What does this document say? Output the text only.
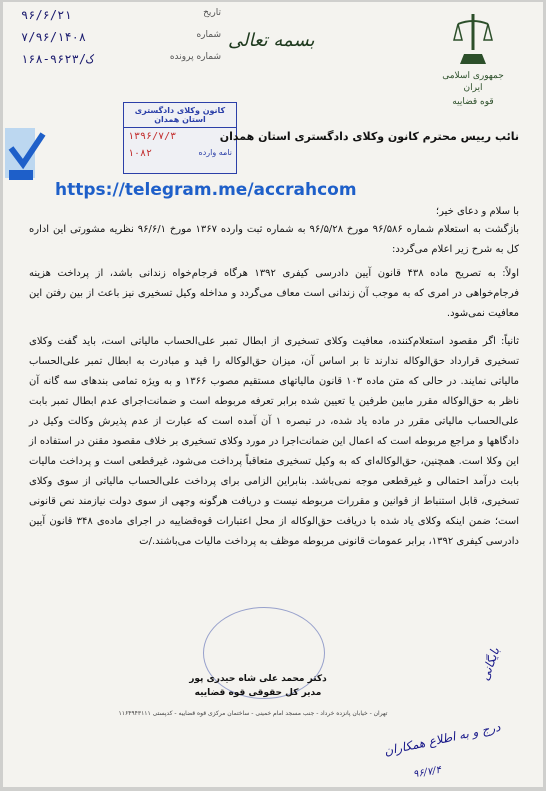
جمهوری اسلامی ایران
قوه قضاییه
بسمه تعالی
۹۶/۶/۲۱	تاریخ
۷/۹۶/۱۴۰۸	شماره
۱۶۸-۹۶ک/۲۳	شماره پرونده
کانون وکلای دادگستری استان همدان
۱۳۹۶/۷/۳
۱۰۸۲	نامه وارده
نائب رییس محترم کانون وکلای دادگستری استان همدان
https://telegram.me/accrahcom
با سلام و دعای خیر؛
بازگشت به استعلام شماره ۹۶/۵۸۶ مورخ ۹۶/۵/۲۸ به شماره ثبت وارده ۱۳۶۷ مورخ ۹۶/۶/۱ نظریه مشورتی این اداره کل به شرح زیر اعلام می‌گردد:
اولاً: به تصریح ماده ۴۳۸ قانون آیین دادرسی کیفری ۱۳۹۲ هرگاه فرجام‌خواه زندانی باشد، از پرداخت هزینه فرجام‌خواهی در امری که به موجب آن زندانی است معاف می‌گردد و مداخله وکیل تسخیری نیز باعث از بین رفتن این معافیت نمی‌شود.
ثانیاً: اگر مقصود استعلام‌کننده، معافیت وکلای تسخیری از ابطال تمبر علی‌الحساب مالیاتی است، باید گفت وکلای تسخیری قرارداد حق‌الوکاله ندارند تا بر اساس آن، میزان حق‌الوکاله را قید و مبادرت به ابطال تمبر علی‌الحساب مالیاتی نمایند. در حالی که متن ماده ۱۰۳ قانون مالیاتهای مستقیم مصوب ۱۳۶۶ و به ویژه تمامی بندهای سه گانه آن ناظر به حق‌الوکاله مقرر مابین طرفین یا تعیین شده برابر تعرفه مربوطه است و ضمانت‌اجرای عدم ابطال تمبر بابت علی‌الحساب مالیاتی مقرر در ماده یاد شده، در تبصره ۱ آن آمده است که عبارت از عدم پذیرش وکالت وکیل در دادگاهها و مراجع مربوطه است که اعمال این ضمانت‌اجرا در مورد وکلای تسخیری بر خلاف مقصود مقنن در استفاده از این وکلا است. همچنین، حق‌الوکاله‌ای که به وکیل تسخیری متعاقباً پرداخت می‌شود، غیرقطعی است و پرداخت مالیات بابت درآمد احتمالی و غیرقطعی موجه نمی‌باشد. بنابراین الزامی برای پرداخت علی‌الحساب مالیاتی از سوی وکلای تسخیری، قابل استنباط از قوانین و مقررات مربوطه نیست و دریافت هرگونه وجهی از سوی دولت نیازمند نص قانونی است؛ ضمن اینکه وکلای یاد شده با دریافت حق‌الوکاله از محل اعتبارات قوه‌قضاییه در اجرای ماده‌ی ۳۴۸ قانون آیین دادرسی کیفری ۱۳۹۲، برابر عمومات قانونی مربوطه موظف به پرداخت مالیات می‌باشند./ت
دکتر محمد علی شاه حیدری پور
مدیر کل حقوقی قوه قضاییه
تهران - خیابان پانزده خرداد - جنب مسجد امام خمینی - ساختمان مرکزی قوه قضاییه - کدپستی ۱۱۶۴۹۴۳۱۱۱
بایگانی
درج و به اطلاع همکاران
۹۶/۷/۴
